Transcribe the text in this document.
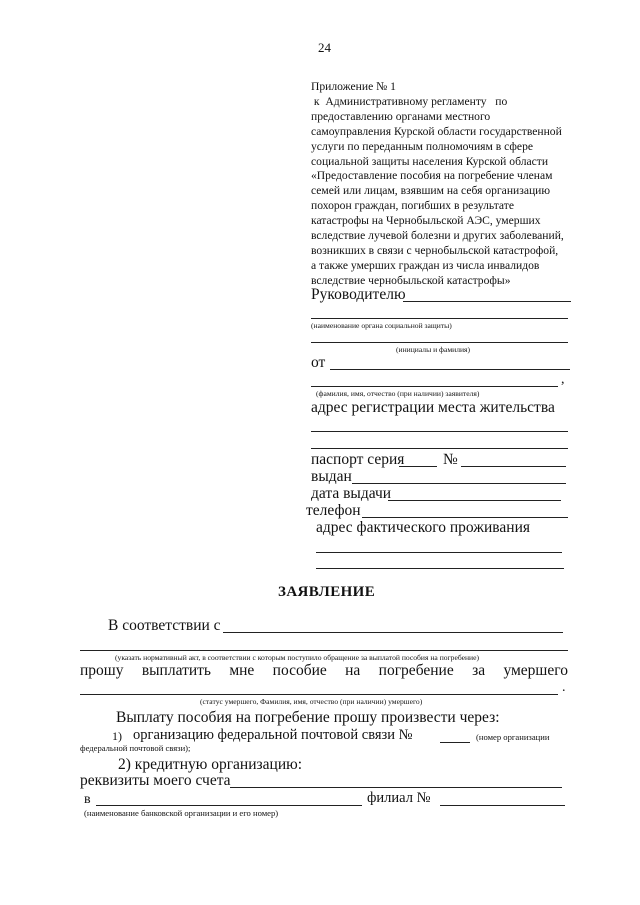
24
Приложение № 1
к  Административному регламенту   по
предоставлению органами местного
самоуправления Курской области государственной
услуги по переданным полномочиям в сфере
социальной защиты населения Курской области
«Предоставление пособия на погребение членам
семей или лицам, взявшим на себя организацию
похорон граждан, погибших в результате
катастрофы на Чернобыльской АЭС, умерших
вследствие лучевой болезни и других заболеваний,
возникших в связи с чернобыльской катастрофой,
а также умерших граждан из числа инвалидов
вследствие чернобыльской катастрофы»
Руководителю
(наименование органа социальной защиты)
(инициалы и фамилия)
от
,
(фамилия, имя, отчество (при наличии) заявителя)
адрес регистрации места жительства
паспорт серия №
выдан
дата выдачи
телефон
адрес фактического проживания
ЗАЯВЛЕНИЕ
В соответствии с
(указать нормативный акт, в соответствии с которым поступило обращение за выплатой пособия на погребение)
прошу выплатить мне пособие на погребение за умершего
.
(статус умершего, Фамилия, имя, отчество (при наличии) умершего)
Выплату пособия на погребение прошу произвести через:
1) организацию федеральной почтовой связи №	(номер организации
федеральной почтовой связи);
2) кредитную организацию:
реквизиты моего счета
в	филиал №
(наименование банковской организации и его номер)
